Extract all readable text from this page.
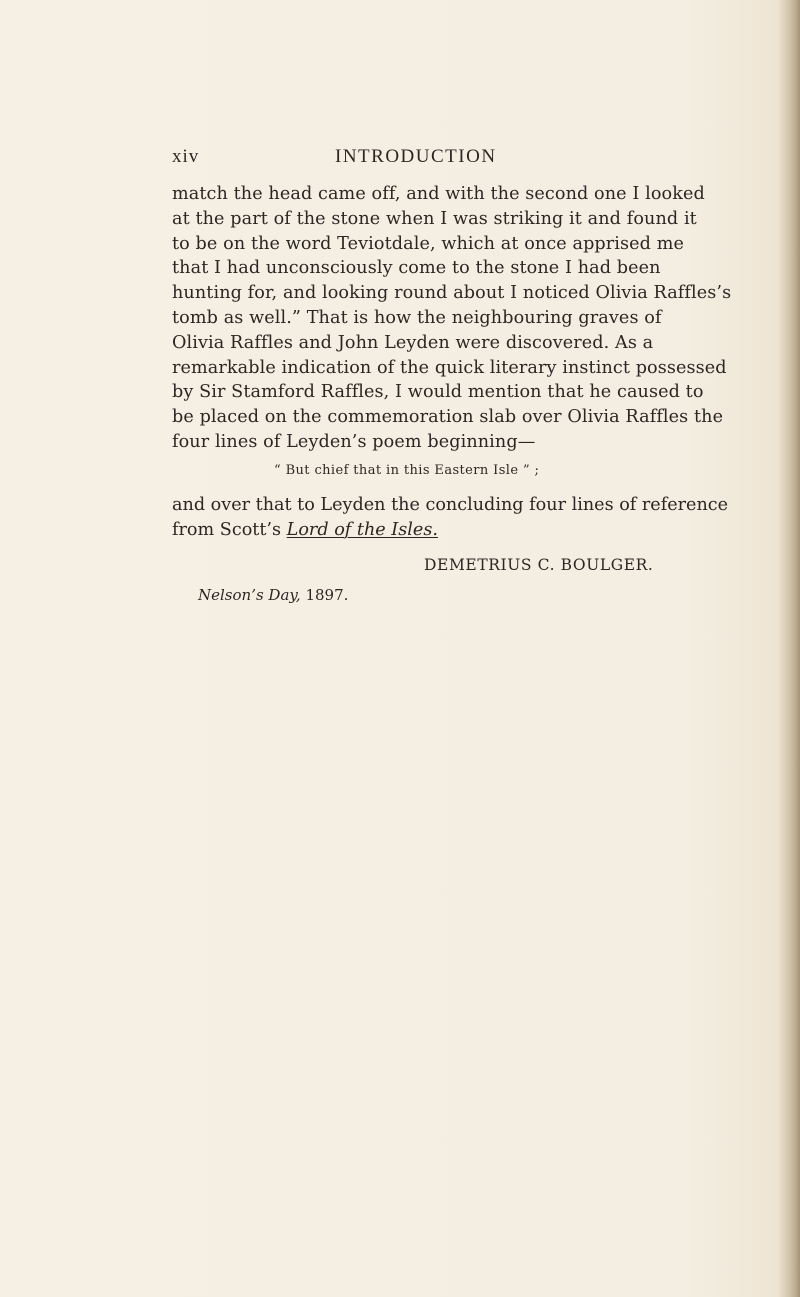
xiv	INTRODUCTION
match the head came off, and with the second one I looked
at the part of the stone when I was striking it and found it
to be on the word Teviotdale, which at once apprised me
that I had unconsciously come to the stone I had been
hunting for, and looking round about I noticed Olivia Raffles’s
tomb as well.” That is how the neighbouring graves of
Olivia Raffles and John Leyden were discovered. As a
remarkable indication of the quick literary instinct possessed
by Sir Stamford Raffles, I would mention that he caused to
be placed on the commemoration slab over Olivia Raffles the
four lines of Leyden’s poem beginning—
“ But chief that in this Eastern Isle ” ;
and over that to Leyden the concluding four lines of reference
from Scott’s Lord of the Isles.
DEMETRIUS C. BOULGER.
Nelson’s Day, 1897.
